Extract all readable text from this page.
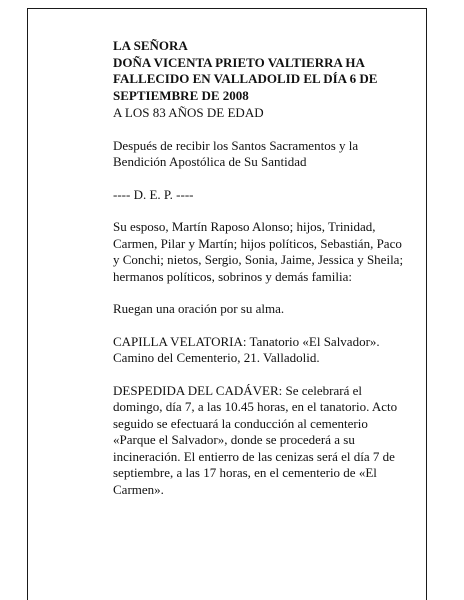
LA SEÑORA
DOÑA VICENTA PRIETO VALTIERRA HA FALLECIDO EN VALLADOLID EL DÍA 6 DE SEPTIEMBRE DE 2008

A LOS 83 AÑOS DE EDAD

Después de recibir los Santos Sacramentos y la Bendición Apostólica de Su Santidad

---- D. E. P. ----

Su esposo, Martín Raposo Alonso; hijos, Trinidad, Carmen, Pilar y Martín; hijos políticos, Sebastián, Paco y Conchi; nietos, Sergio, Sonia, Jaime, Jessica y Sheila; hermanos políticos, sobrinos y demás familia:

Ruegan una oración por su alma.

CAPILLA VELATORIA: Tanatorio «El Salvador». Camino del Cementerio, 21. Valladolid.

DESPEDIDA DEL CADÁVER: Se celebrará el domingo, día 7, a las 10.45 horas, en el tanatorio. Acto seguido se efectuará la conducción al cementerio «Parque el Salvador», donde se procederá a su incineración. El entierro de las cenizas será el día 7 de septiembre, a las 17 horas, en el cementerio de «El Carmen».
